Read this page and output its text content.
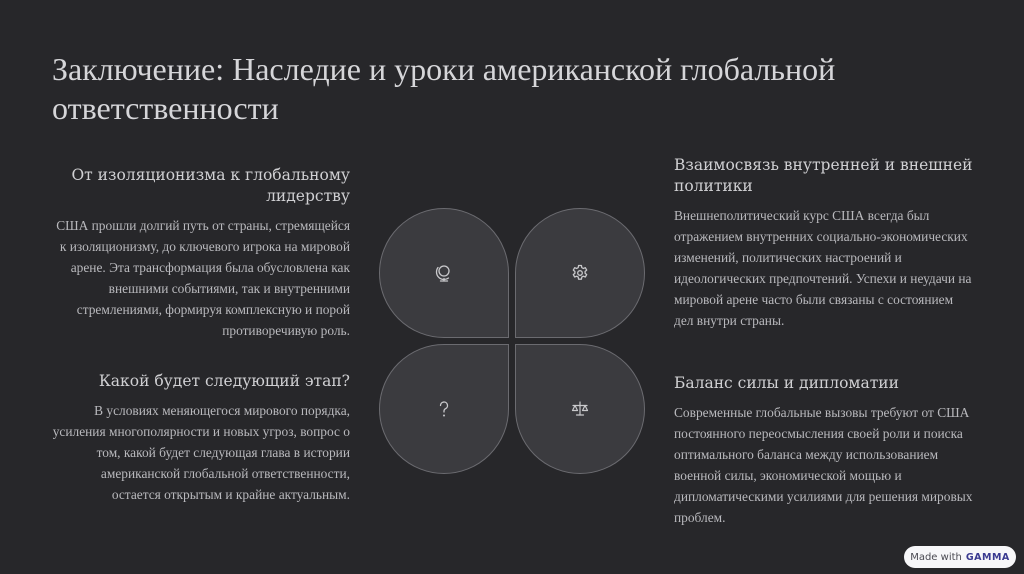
Заключение: Наследие и уроки американской глобальной ответственности
От изоляционизма к глобальному лидерству

США прошли долгий путь от страны, стремящейся к изоляционизму, до ключевого игрока на мировой арене. Эта трансформация была обусловлена как внешними событиями, так и внутренними стремлениями, формируя комплексную и порой противоречивую роль.

Какой будет следующий этап?

В условиях меняющегося мирового порядка, усиления многополярности и новых угроз, вопрос о том, какой будет следующая глава в истории американской глобальной ответственности, остается открытым и крайне актуальным.

Взаимосвязь внутренней и внешней политики

Внешнеполитический курс США всегда был отражением внутренних социально-экономических изменений, политических настроений и идеологических предпочтений. Успехи и неудачи на мировой арене часто были связаны с состоянием дел внутри страны.

Баланс силы и дипломатии

Современные глобальные вызовы требуют от США постоянного переосмысления своей роли и поиска оптимального баланса между использованием военной силы, экономической мощью и дипломатическими усилиями для решения мировых проблем.

Made with GAMMA
